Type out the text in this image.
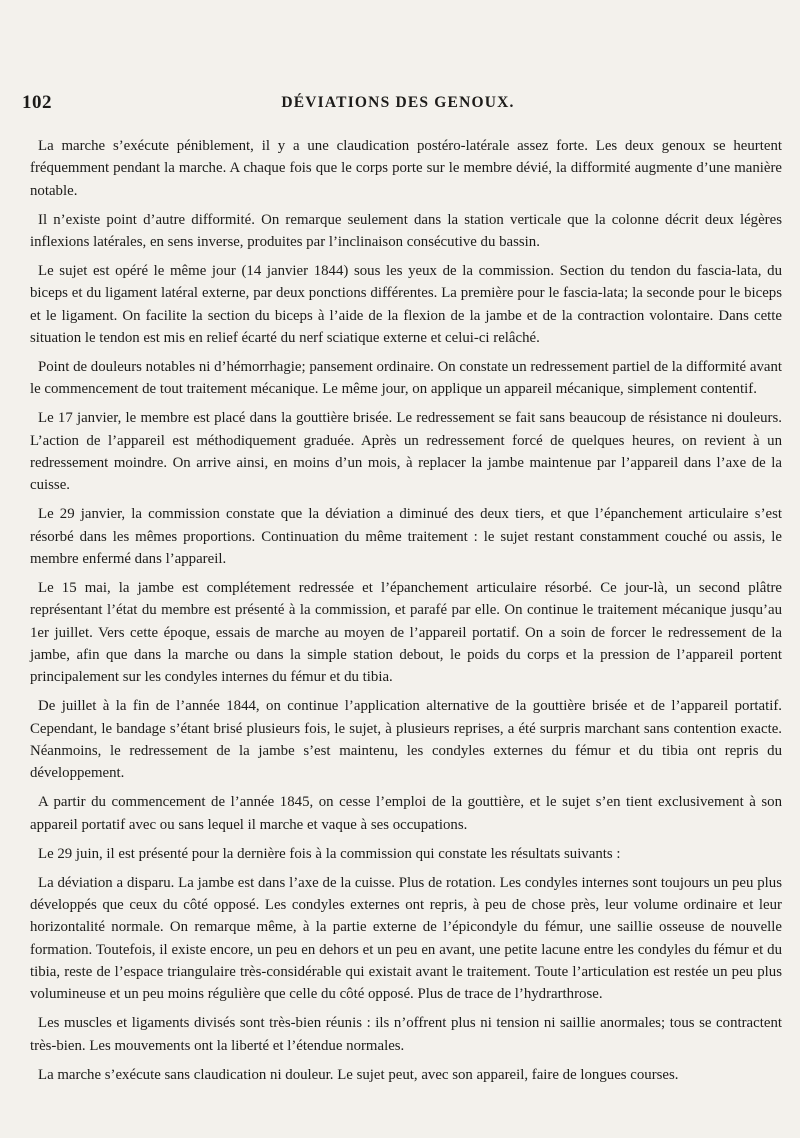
102	DÉVIATIONS DES GENOUX.

La marche s’exécute péniblement, il y a une claudication postéro-latérale assez forte. Les deux genoux se heurtent fréquemment pendant la marche. A chaque fois que le corps porte sur le membre dévié, la difformité augmente d’une manière notable.

Il n’existe point d’autre difformité. On remarque seulement dans la station verticale que la colonne décrit deux légères inflexions latérales, en sens inverse, produites par l’inclinaison consécutive du bassin.

Le sujet est opéré le même jour (14 janvier 1844) sous les yeux de la commission. Section du tendon du fascia-lata, du biceps et du ligament latéral externe, par deux ponctions différentes. La première pour le fascia-lata; la seconde pour le biceps et le ligament. On facilite la section du biceps à l’aide de la flexion de la jambe et de la contraction volontaire. Dans cette situation le tendon est mis en relief écarté du nerf sciatique externe et celui-ci relâché.

Point de douleurs notables ni d’hémorrhagie; pansement ordinaire. On constate un redressement partiel de la difformité avant le commencement de tout traitement mécanique. Le même jour, on applique un appareil mécanique, simplement contentif.

Le 17 janvier, le membre est placé dans la gouttière brisée. Le redressement se fait sans beaucoup de résistance ni douleurs. L’action de l’appareil est méthodiquement graduée. Après un redressement forcé de quelques heures, on revient à un redressement moindre. On arrive ainsi, en moins d’un mois, à replacer la jambe maintenue par l’appareil dans l’axe de la cuisse.

Le 29 janvier, la commission constate que la déviation a diminué des deux tiers, et que l’épanchement articulaire s’est résorbé dans les mêmes proportions. Continuation du même traitement : le sujet restant constamment couché ou assis, le membre enfermé dans l’appareil.

Le 15 mai, la jambe est complétement redressée et l’épanchement articulaire résorbé. Ce jour-là, un second plâtre représentant l’état du membre est présenté à la commission, et parafé par elle. On continue le traitement mécanique jusqu’au 1er juillet. Vers cette époque, essais de marche au moyen de l’appareil portatif. On a soin de forcer le redressement de la jambe, afin que dans la marche ou dans la simple station debout, le poids du corps et la pression de l’appareil portent principalement sur les condyles internes du fémur et du tibia.

De juillet à la fin de l’année 1844, on continue l’application alternative de la gouttière brisée et de l’appareil portatif. Cependant, le bandage s’étant brisé plusieurs fois, le sujet, à plusieurs reprises, a été surpris marchant sans contention exacte. Néanmoins, le redressement de la jambe s’est maintenu, les condyles externes du fémur et du tibia ont repris du développement.

A partir du commencement de l’année 1845, on cesse l’emploi de la gouttière, et le sujet s’en tient exclusivement à son appareil portatif avec ou sans lequel il marche et vaque à ses occupations.

Le 29 juin, il est présenté pour la dernière fois à la commission qui constate les résultats suivants :

La déviation a disparu. La jambe est dans l’axe de la cuisse. Plus de rotation. Les condyles internes sont toujours un peu plus développés que ceux du côté opposé. Les condyles externes ont repris, à peu de chose près, leur volume ordinaire et leur horizontalité normale. On remarque même, à la partie externe de l’épicondyle du fémur, une saillie osseuse de nouvelle formation. Toutefois, il existe encore, un peu en dehors et un peu en avant, une petite lacune entre les condyles du fémur et du tibia, reste de l’espace triangulaire très-considérable qui existait avant le traitement. Toute l’articulation est restée un peu plus volumineuse et un peu moins régulière que celle du côté opposé. Plus de trace de l’hydrarthrose.

Les muscles et ligaments divisés sont très-bien réunis : ils n’offrent plus ni tension ni saillie anormales; tous se contractent très-bien. Les mouvements ont la liberté et l’étendue normales.

La marche s’exécute sans claudication ni douleur. Le sujet peut, avec son appareil, faire de longues courses.
